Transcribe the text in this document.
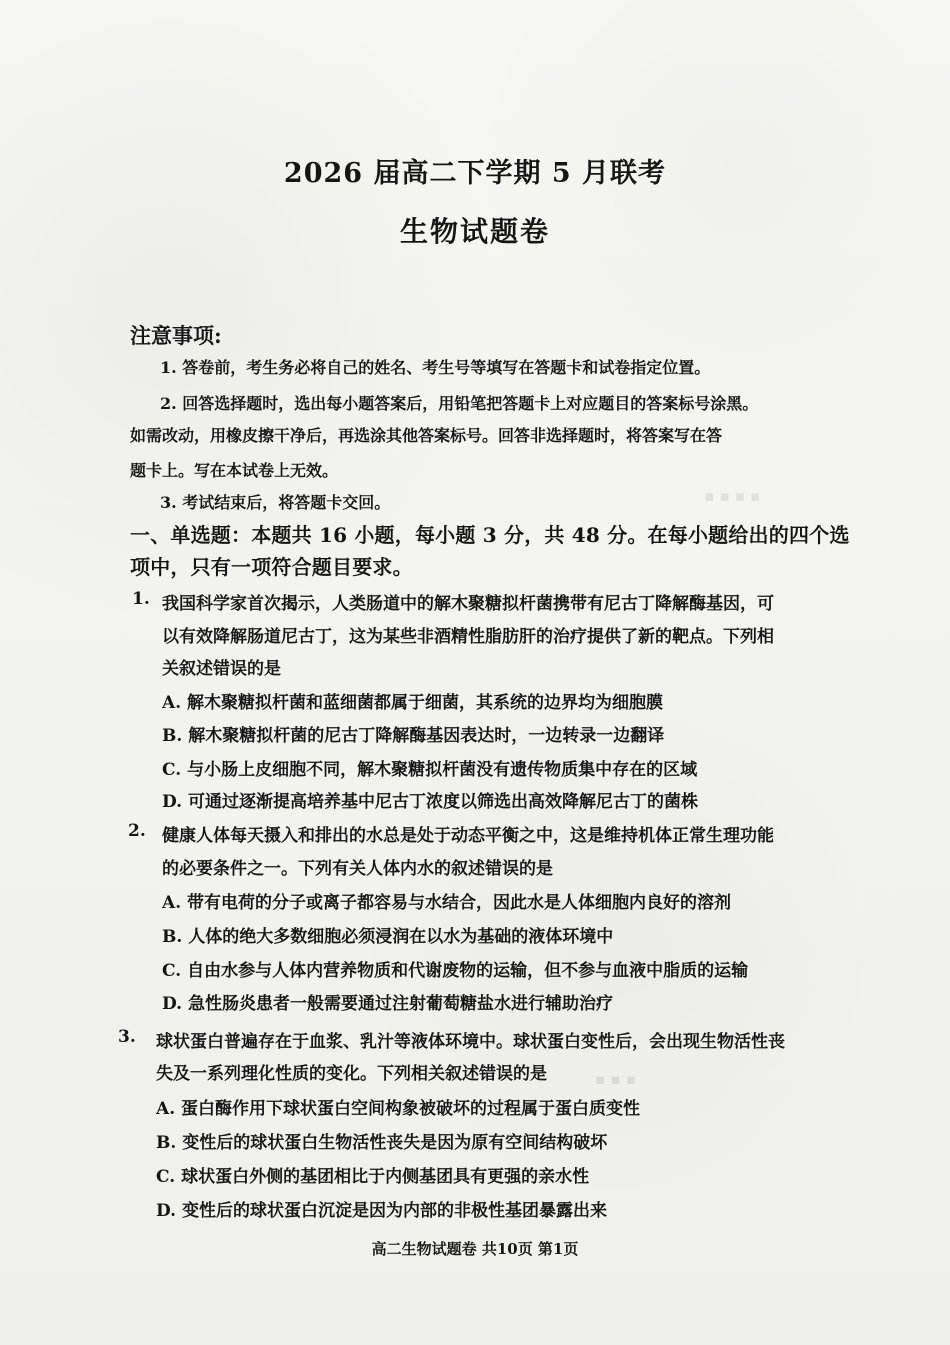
▪ ▪ ▪ ▪
▪ ▪ ▪
2026 届高二下学期 5 月联考
生物试题卷
注意事项:
1. 答卷前，考生务必将自己的姓名、考生号等填写在答题卡和试卷指定位置。
2. 回答选择题时，选出每小题答案后，用铅笔把答题卡上对应题目的答案标号涂黑。
如需改动，用橡皮擦干净后，再选涂其他答案标号。回答非选择题时，将答案写在答
题卡上。写在本试卷上无效。
3. 考试结束后，将答题卡交回。
一、单选题：本题共 16 小题，每小题 3 分，共 48 分。在每小题给出的四个选
项中，只有一项符合题目要求。
1. 我国科学家首次揭示，人类肠道中的解木聚糖拟杆菌携带有尼古丁降解酶基因，可
以有效降解肠道尼古丁，这为某些非酒精性脂肪肝的治疗提供了新的靶点。下列相
关叙述错误的是
A. 解木聚糖拟杆菌和蓝细菌都属于细菌，其系统的边界均为细胞膜
B. 解木聚糖拟杆菌的尼古丁降解酶基因表达时，一边转录一边翻译
C. 与小肠上皮细胞不同，解木聚糖拟杆菌没有遗传物质集中存在的区域
D. 可通过逐渐提高培养基中尼古丁浓度以筛选出高效降解尼古丁的菌株
2. 健康人体每天摄入和排出的水总是处于动态平衡之中，这是维持机体正常生理功能
的必要条件之一。下列有关人体内水的叙述错误的是
A. 带有电荷的分子或离子都容易与水结合，因此水是人体细胞内良好的溶剂
B. 人体的绝大多数细胞必须浸润在以水为基础的液体环境中
C. 自由水参与人体内营养物质和代谢废物的运输，但不参与血液中脂质的运输
D. 急性肠炎患者一般需要通过注射葡萄糖盐水进行辅助治疗
3. 球状蛋白普遍存在于血浆、乳汁等液体环境中。球状蛋白变性后，会出现生物活性丧
失及一系列理化性质的变化。下列相关叙述错误的是
A. 蛋白酶作用下球状蛋白空间构象被破坏的过程属于蛋白质变性
B. 变性后的球状蛋白生物活性丧失是因为原有空间结构破坏
C. 球状蛋白外侧的基团相比于内侧基团具有更强的亲水性
D. 变性后的球状蛋白沉淀是因为内部的非极性基团暴露出来
高二生物试题卷 共10页 第1页
